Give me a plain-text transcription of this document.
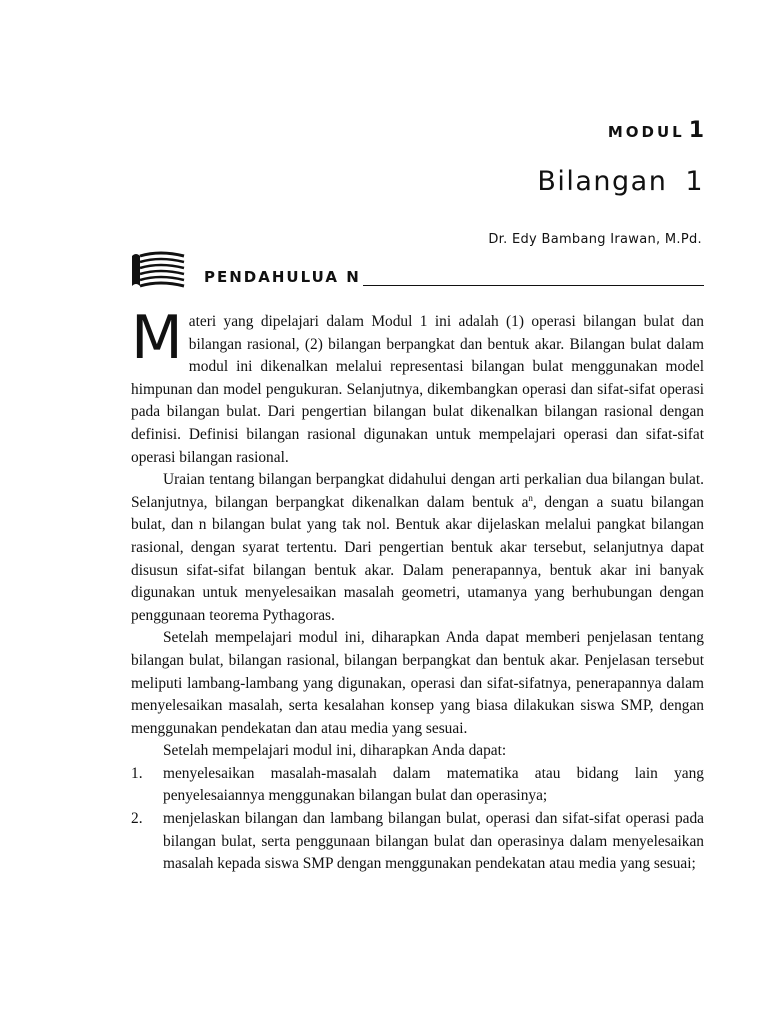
MODUL 1
Bilangan 1
Dr. Edy Bambang Irawan, M.Pd.
PENDAHULUA
N

Materi yang dipelajari dalam Modul 1 ini adalah (1) operasi bilangan bulat dan bilangan rasional, (2) bilangan berpangkat dan bentuk akar. Bilangan bulat dalam modul ini dikenalkan melalui representasi bilangan bulat menggunakan model himpunan dan model pengukuran. Selanjutnya, dikembangkan operasi dan sifat-sifat operasi pada bilangan bulat. Dari pengertian bilangan bulat dikenalkan bilangan rasional dengan definisi. Definisi bilangan rasional digunakan untuk mempelajari operasi dan sifat-sifat operasi bilangan rasional.

Uraian tentang bilangan berpangkat didahului dengan arti perkalian dua bilangan bulat. Selanjutnya, bilangan berpangkat dikenalkan dalam bentuk $a^n$, dengan a suatu bilangan bulat, dan n bilangan bulat yang tak nol. Bentuk akar dijelaskan melalui pangkat bilangan rasional, dengan syarat tertentu. Dari pengertian bentuk akar tersebut, selanjutnya dapat disusun sifat-sifat bilangan bentuk akar. Dalam penerapannya, bentuk akar ini banyak digunakan untuk menyelesaikan masalah geometri, utamanya yang berhubungan dengan penggunaan teorema Pythagoras.

Setelah mempelajari modul ini, diharapkan Anda dapat memberi penjelasan tentang bilangan bulat, bilangan rasional, bilangan berpangkat dan bentuk akar. Penjelasan tersebut meliputi lambang-lambang yang digunakan, operasi dan sifat-sifatnya, penerapannya dalam menyelesaikan masalah, serta kesalahan konsep yang biasa dilakukan siswa SMP, dengan menggunakan pendekatan dan atau media yang sesuai.

Setelah mempelajari modul ini, diharapkan Anda dapat:

1.	menyelesaikan masalah-masalah dalam matematika atau bidang lain yang penyelesaiannya menggunakan bilangan bulat dan operasinya;
2.	menjelaskan bilangan dan lambang bilangan bulat, operasi dan sifat-sifat operasi pada bilangan bulat, serta penggunaan bilangan bulat dan operasinya dalam menyelesaikan masalah kepada siswa SMP dengan menggunakan pendekatan atau media yang sesuai;
